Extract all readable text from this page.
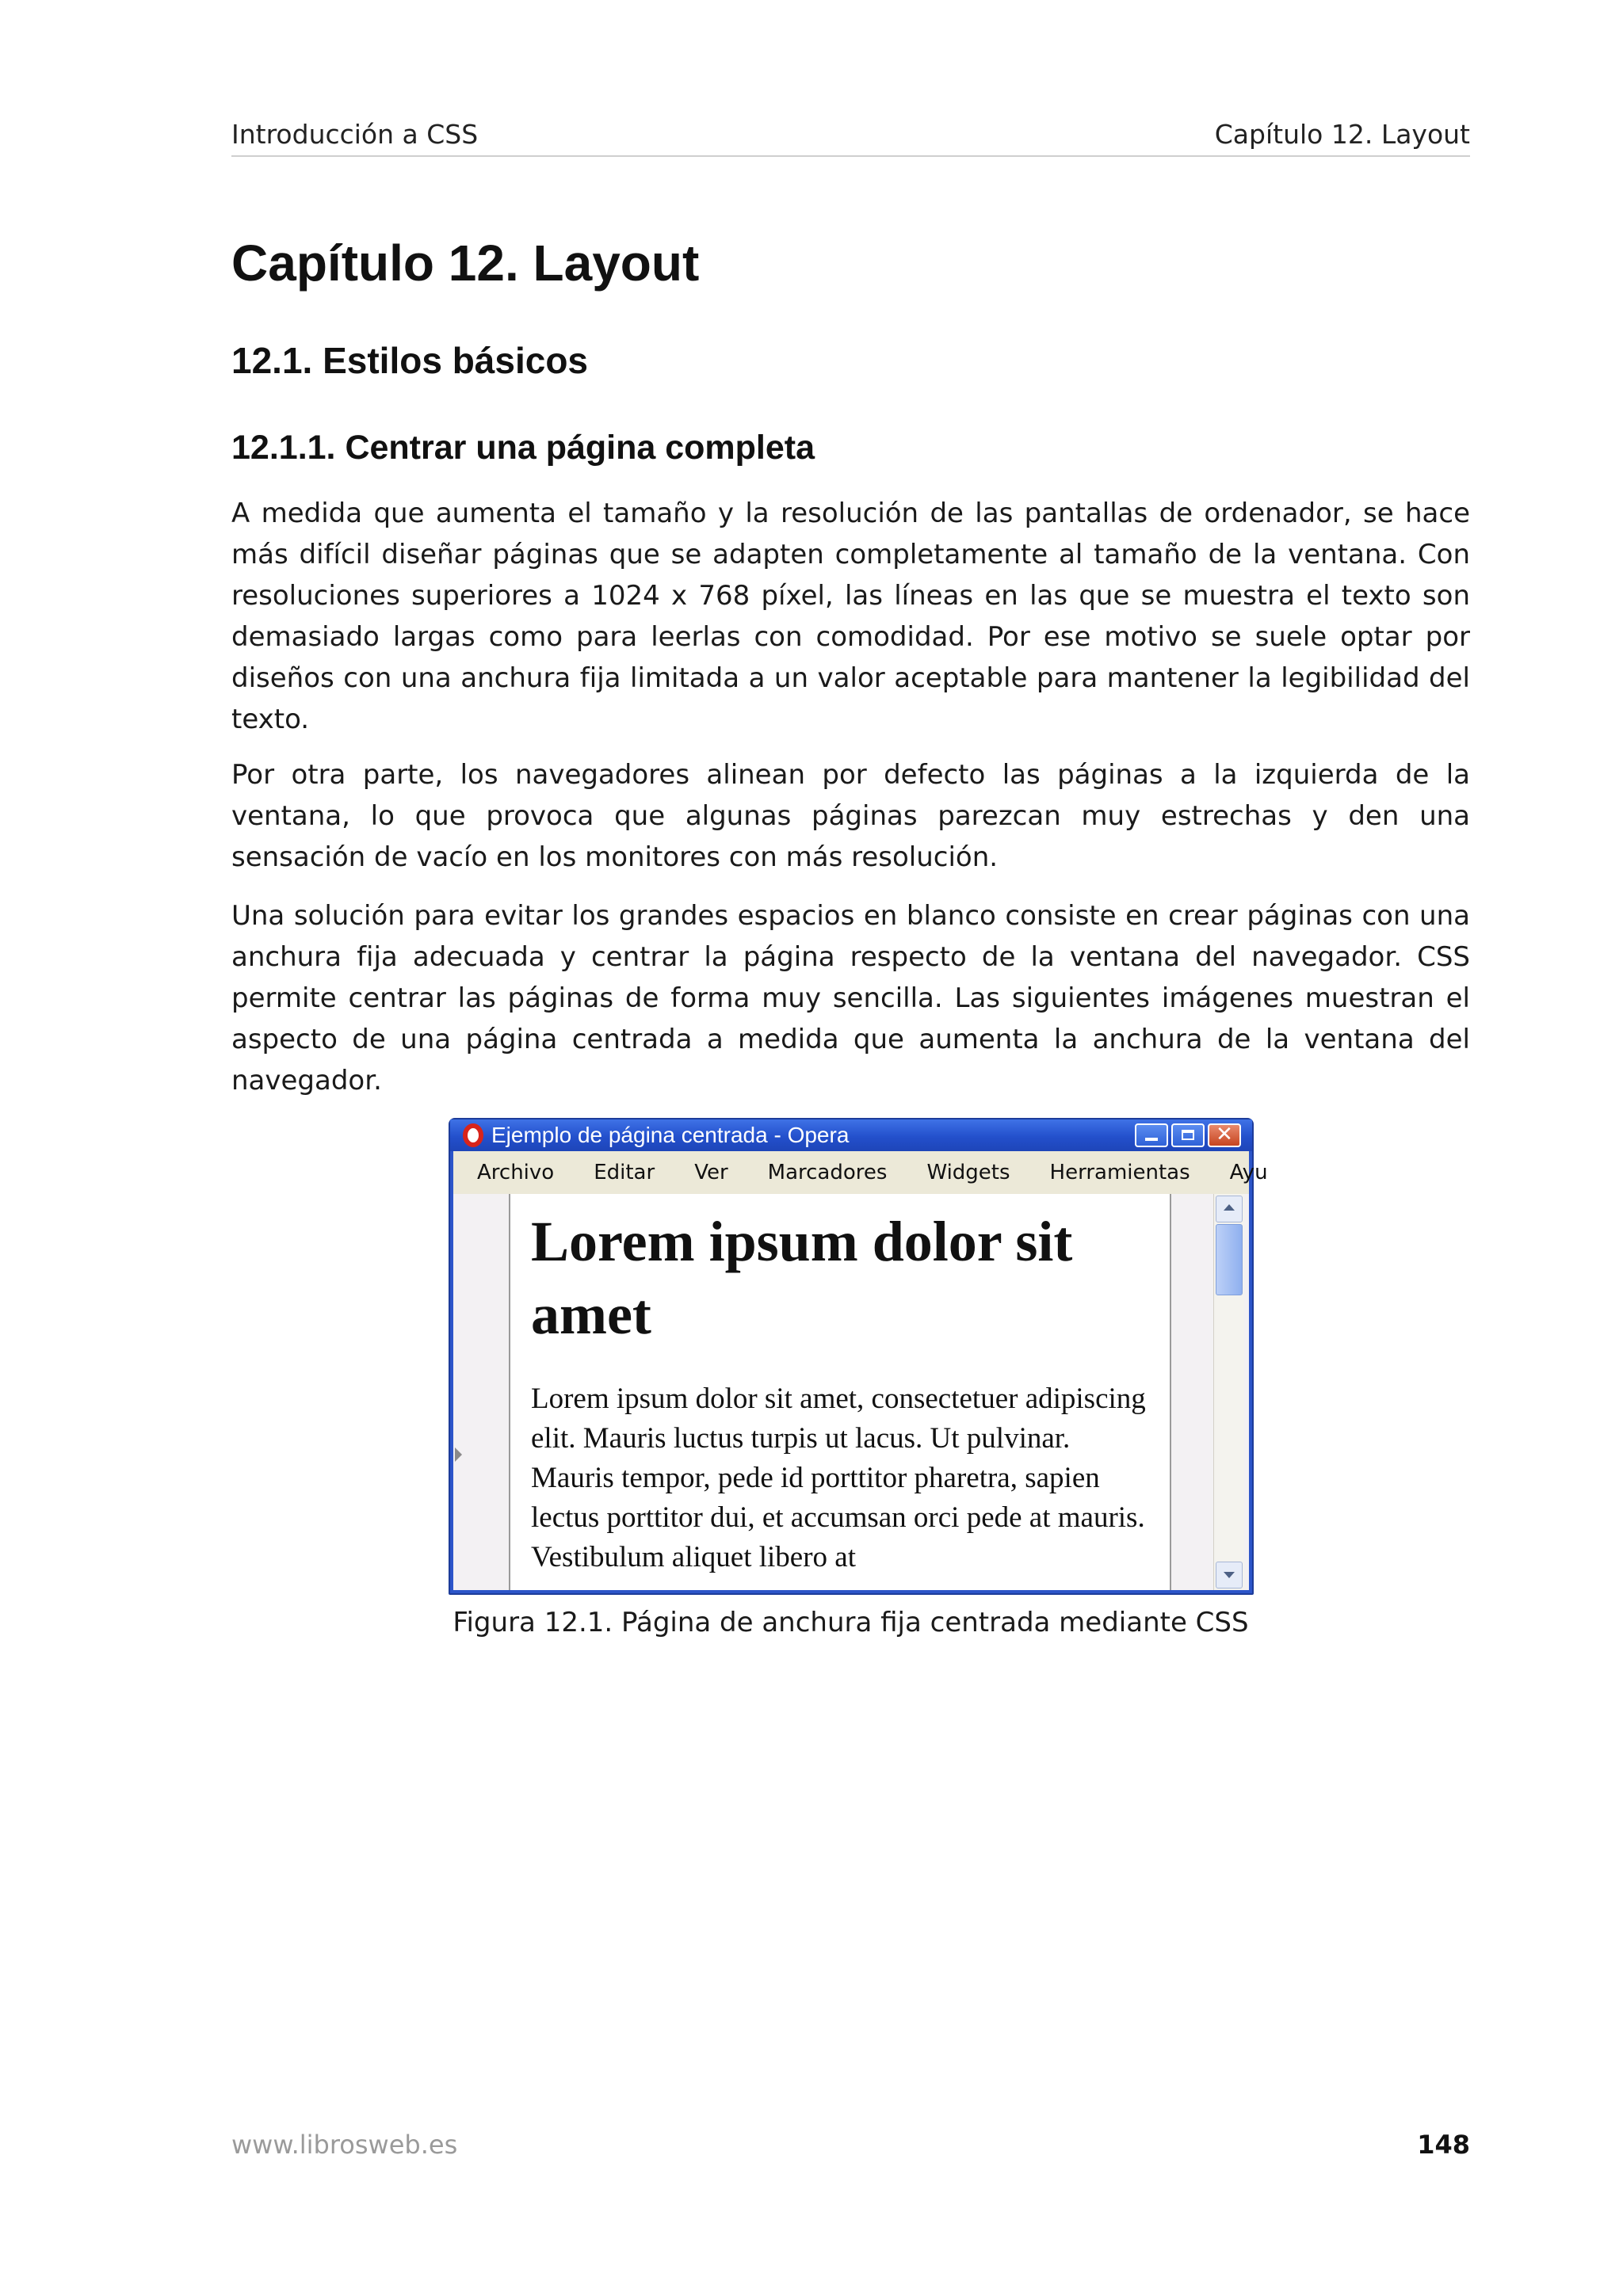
Introducción a CSS	Capítulo 12. Layout
Capítulo 12. Layout
12.1. Estilos básicos
12.1.1. Centrar una página completa

A medida que aumenta el tamaño y la resolución de las pantallas de ordenador, se hace más difícil diseñar páginas que se adapten completamente al tamaño de la ventana. Con resoluciones superiores a 1024 x 768 píxel, las líneas en las que se muestra el texto son demasiado largas como para leerlas con comodidad. Por ese motivo se suele optar por diseños con una anchura fija limitada a un valor aceptable para mantener la legibilidad del texto.

Por otra parte, los navegadores alinean por defecto las páginas a la izquierda de la ventana, lo que provoca que algunas páginas parezcan muy estrechas y den una sensación de vacío en los monitores con más resolución.

Una solución para evitar los grandes espacios en blanco consiste en crear páginas con una anchura fija adecuada y centrar la página respecto de la ventana del navegador. CSS permite centrar las páginas de forma muy sencilla. Las siguientes imágenes muestran el aspecto de una página centrada a medida que aumenta la anchura de la ventana del navegador.

Ejemplo de página centrada - Opera	✕
Archivo Editar Ver Marcadores Widgets Herramientas Ayu
Lorem ipsum dolor sit amet

Lorem ipsum dolor sit amet, consectetuer adipiscing elit. Mauris luctus turpis ut lacus. Ut pulvinar. Mauris tempor, pede id porttitor pharetra, sapien lectus porttitor dui, et accumsan orci pede at mauris. Vestibulum aliquet libero at

Figura 12.1. Página de anchura fija centrada mediante CSS

www.librosweb.es	148
